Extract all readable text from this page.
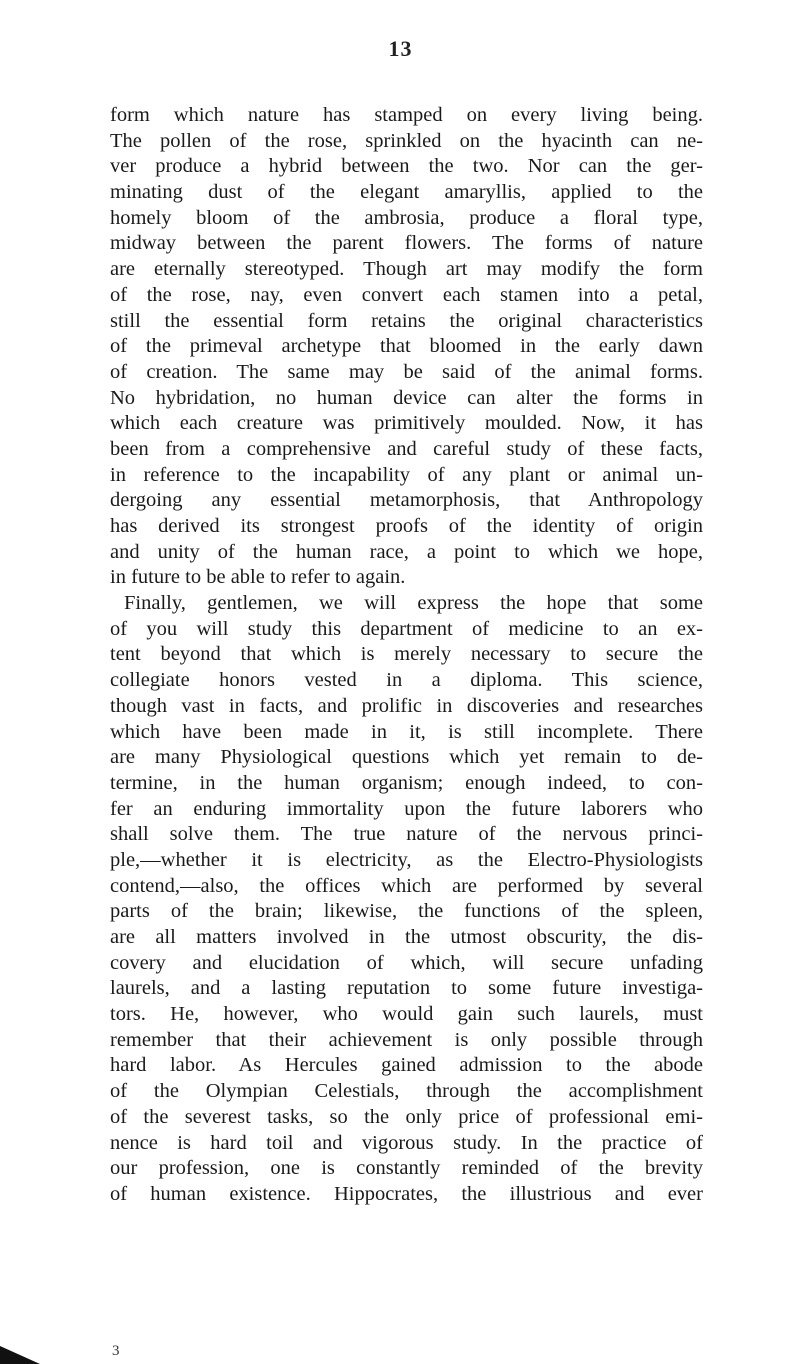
13
form which nature has stamped on every living being.
The pollen of the rose, sprinkled on the hyacinth can ne-
ver produce a hybrid between the two. Nor can the ger-
minating dust of the elegant amaryllis, applied to the
homely bloom of the ambrosia, produce a floral type,
midway between the parent flowers. The forms of nature
are eternally stereotyped. Though art may modify the form
of the rose, nay, even convert each stamen into a petal,
still the essential form retains the original characteristics
of the primeval archetype that bloomed in the early dawn
of creation. The same may be said of the animal forms.
No hybridation, no human device can alter the forms in
which each creature was primitively moulded. Now, it has
been from a comprehensive and careful study of these facts,
in reference to the incapability of any plant or animal un-
dergoing any essential metamorphosis, that Anthropology
has derived its strongest proofs of the identity of origin
and unity of the human race, a point to which we hope,
in future to be able to refer to again.
Finally, gentlemen, we will express the hope that some
of you will study this department of medicine to an ex-
tent beyond that which is merely necessary to secure the
collegiate honors vested in a diploma. This science,
though vast in facts, and prolific in discoveries and researches
which have been made in it, is still incomplete. There
are many Physiological questions which yet remain to de-
termine, in the human organism; enough indeed, to con-
fer an enduring immortality upon the future laborers who
shall solve them. The true nature of the nervous princi-
ple,—whether it is electricity, as the Electro-Physiologists
contend,—also, the offices which are performed by several
parts of the brain; likewise, the functions of the spleen,
are all matters involved in the utmost obscurity, the dis-
covery and elucidation of which, will secure unfading
laurels, and a lasting reputation to some future investiga-
tors. He, however, who would gain such laurels, must
remember that their achievement is only possible through
hard labor. As Hercules gained admission to the abode
of the Olympian Celestials, through the accomplishment
of the severest tasks, so the only price of professional emi-
nence is hard toil and vigorous study. In the practice of
our profession, one is constantly reminded of the brevity
of human existence. Hippocrates, the illustrious and ever
3
